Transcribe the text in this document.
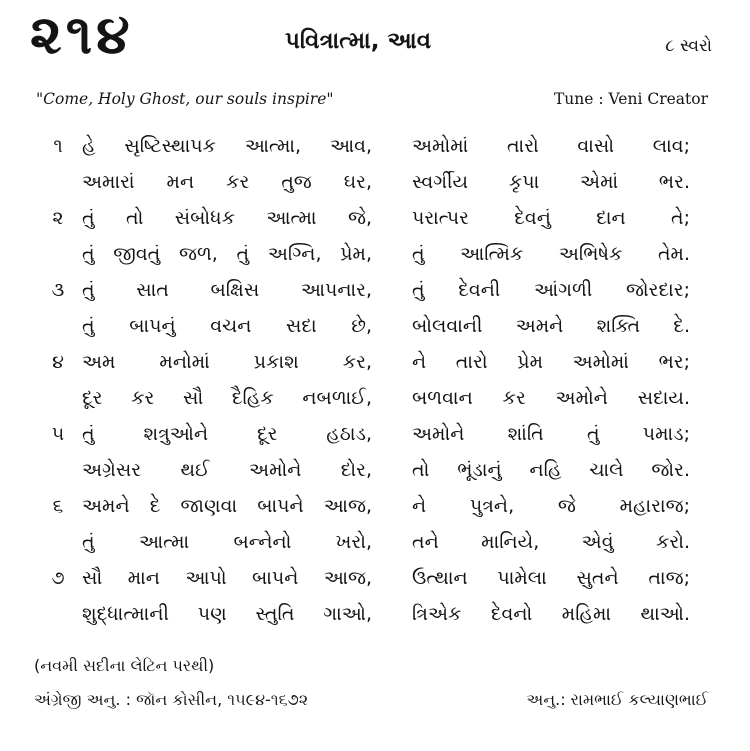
૨૧૪	પવિત્રાત્મા, આવ	૮ સ્વરો
"Come, Holy Ghost, our souls inspire"	Tune : Veni Creator
૧ હે સૃષ્ટિસ્થાપક આત્મા, આવ, અમોમાં તારો વાસો લાવ;
અમારાં મન કર તુજ ઘર, સ્વર્ગીય કૃપા એમાં ભર.
૨ તું તો સંબોધક આત્મા જે, પરાત્પર દેવનું દાન તે;
તું જીવતું જળ, તું અગ્નિ, પ્રેમ, તું આત્મિક અભિષેક તેમ.
૩ તું સાત બક્ષિસ આપનાર, તું દેવની આંગળી જોરદાર;
તું બાપનું વચન સદા છે, બોલવાની અમને શક્તિ દે.
૪ અમ મનોમાં પ્રકાશ કર, ને તારો પ્રેમ અમોમાં ભર;
દૂર કર સૌ દૈહિક નબળાઈ, બળવાન કર અમોને સદાય.
૫ તું શત્રુઓને દૂર હઠાડ, અમોને શાંતિ તું પમાડ;
અગ્રેસર થઈ અમોને દોર, તો ભૂંડાનું નહિ ચાલે જોર.
૬ અમને દે જાણવા બાપને આજ, ને પુત્રને, જે મહારાજ;
તું આત્મા બન્નેનો ખરો, તને માનિયે, એવું કરો.
૭ સૌ માન આપો બાપને આજ, ઉત્થાન પામેલા સુતને તાજ;
શુદ્ધાત્માની પણ સ્તુતિ ગાઓ, ત્રિએક દેવનો મહિમા થાઓ.
(નવમી સદીના લેટિન પરથી)
અંગ્રેજી અનુ. : જૉન કોસીન, ૧૫૯૪-૧૬૭૨	અનુ.: રામભાઈ કલ્યાણભાઈ
